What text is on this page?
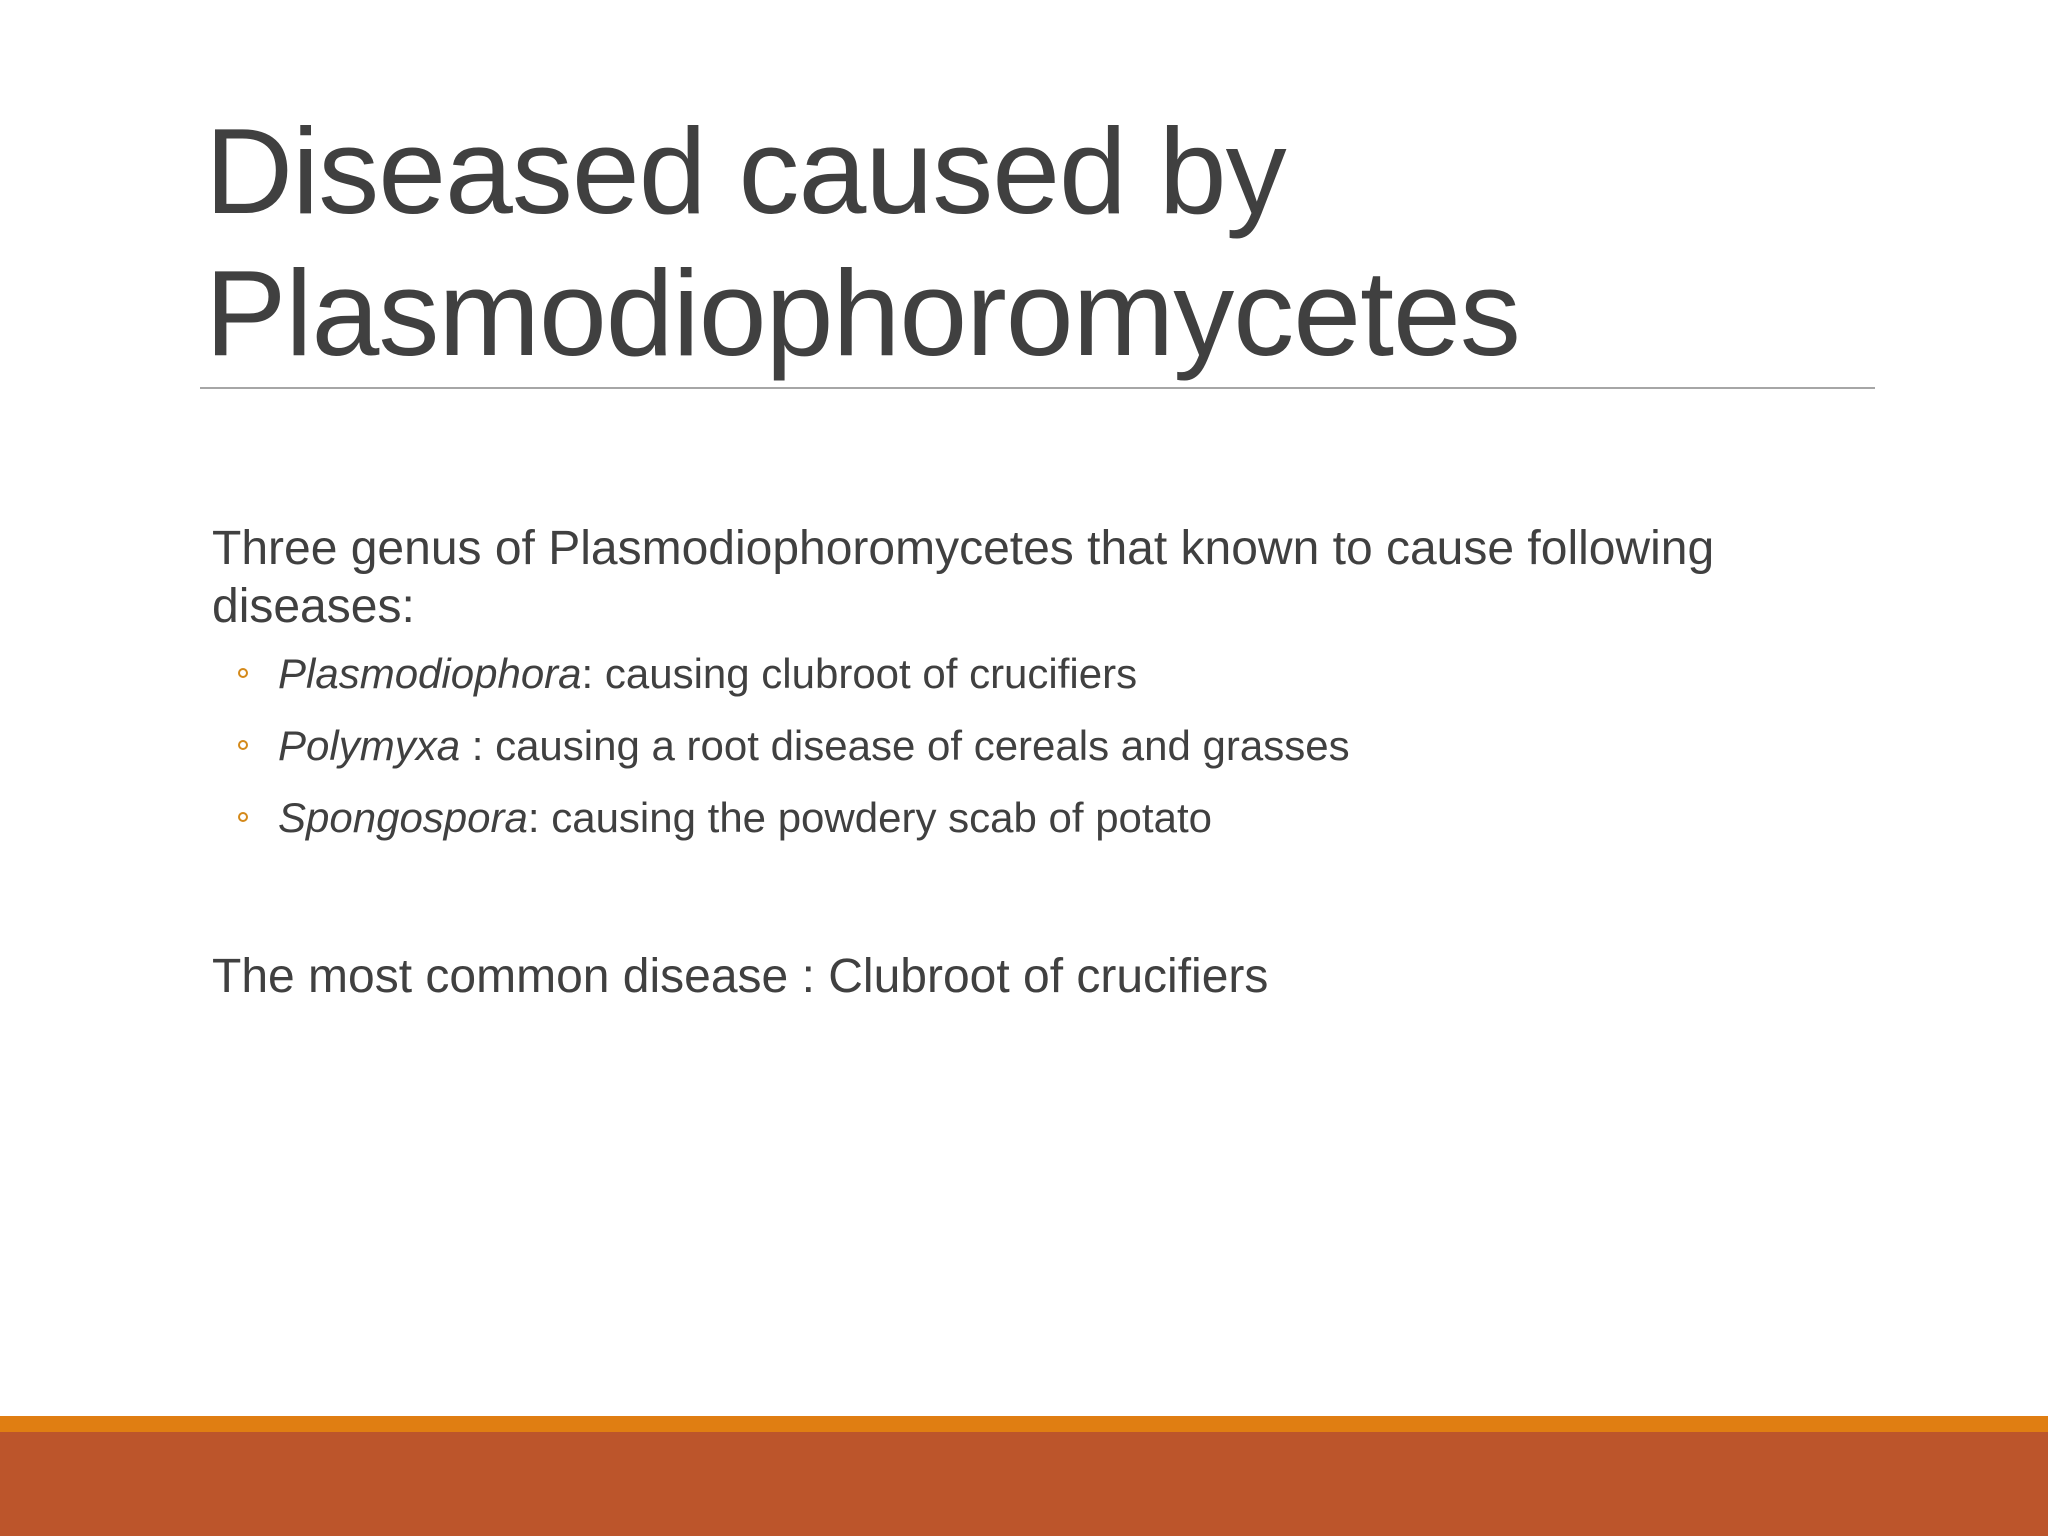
Diseased caused by
Plasmodiophoromycetes

Three genus of Plasmodiophoromycetes that known to cause following diseases:

Plasmodiophora: causing clubroot of crucifiers
Polymyxa : causing a root disease of cereals and grasses
Spongospora: causing the powdery scab of potato

The most common disease : Clubroot of crucifiers
